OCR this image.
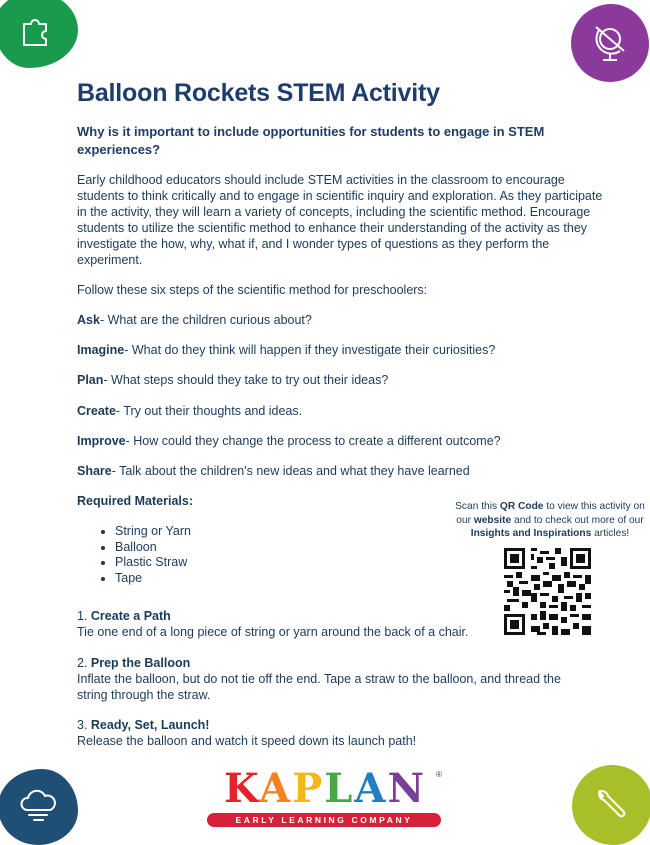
Balloon Rockets STEM Activity

Why is it important to include opportunities for students to engage in STEM experiences?

Early childhood educators should include STEM activities in the classroom to encourage students to think critically and to engage in scientific inquiry and exploration. As they participate in the activity, they will learn a variety of concepts, including the scientific method. Encourage students to utilize the scientific method to enhance their understanding of the activity as they investigate the how, why, what if, and I wonder types of questions as they perform the experiment.

Follow these six steps of the scientific method for preschoolers:

Ask- What are the children curious about?

Imagine- What do they think will happen if they investigate their curiosities?

Plan- What steps should they take to try out their ideas?

Create- Try out their thoughts and ideas.

Improve- How could they change the process to create a different outcome?

Share- Talk about the children's new ideas and what they have learned

Required Materials:

• String or Yarn
• Balloon
• Plastic Straw
• Tape

Scan this QR Code to view this activity on our website and to check out more of our Insights and Inspirations articles!

1. Create a Path

Tie one end of a long piece of string or yarn around the back of a chair.

2. Prep the Balloon

Inflate the balloon, but do not tie off the end. Tape a straw to the balloon, and thread the string through the straw.

3. Ready, Set, Launch!

Release the balloon and watch it speed down its launch path!

KAPLAN	®
EARLY LEARNING COMPANY
